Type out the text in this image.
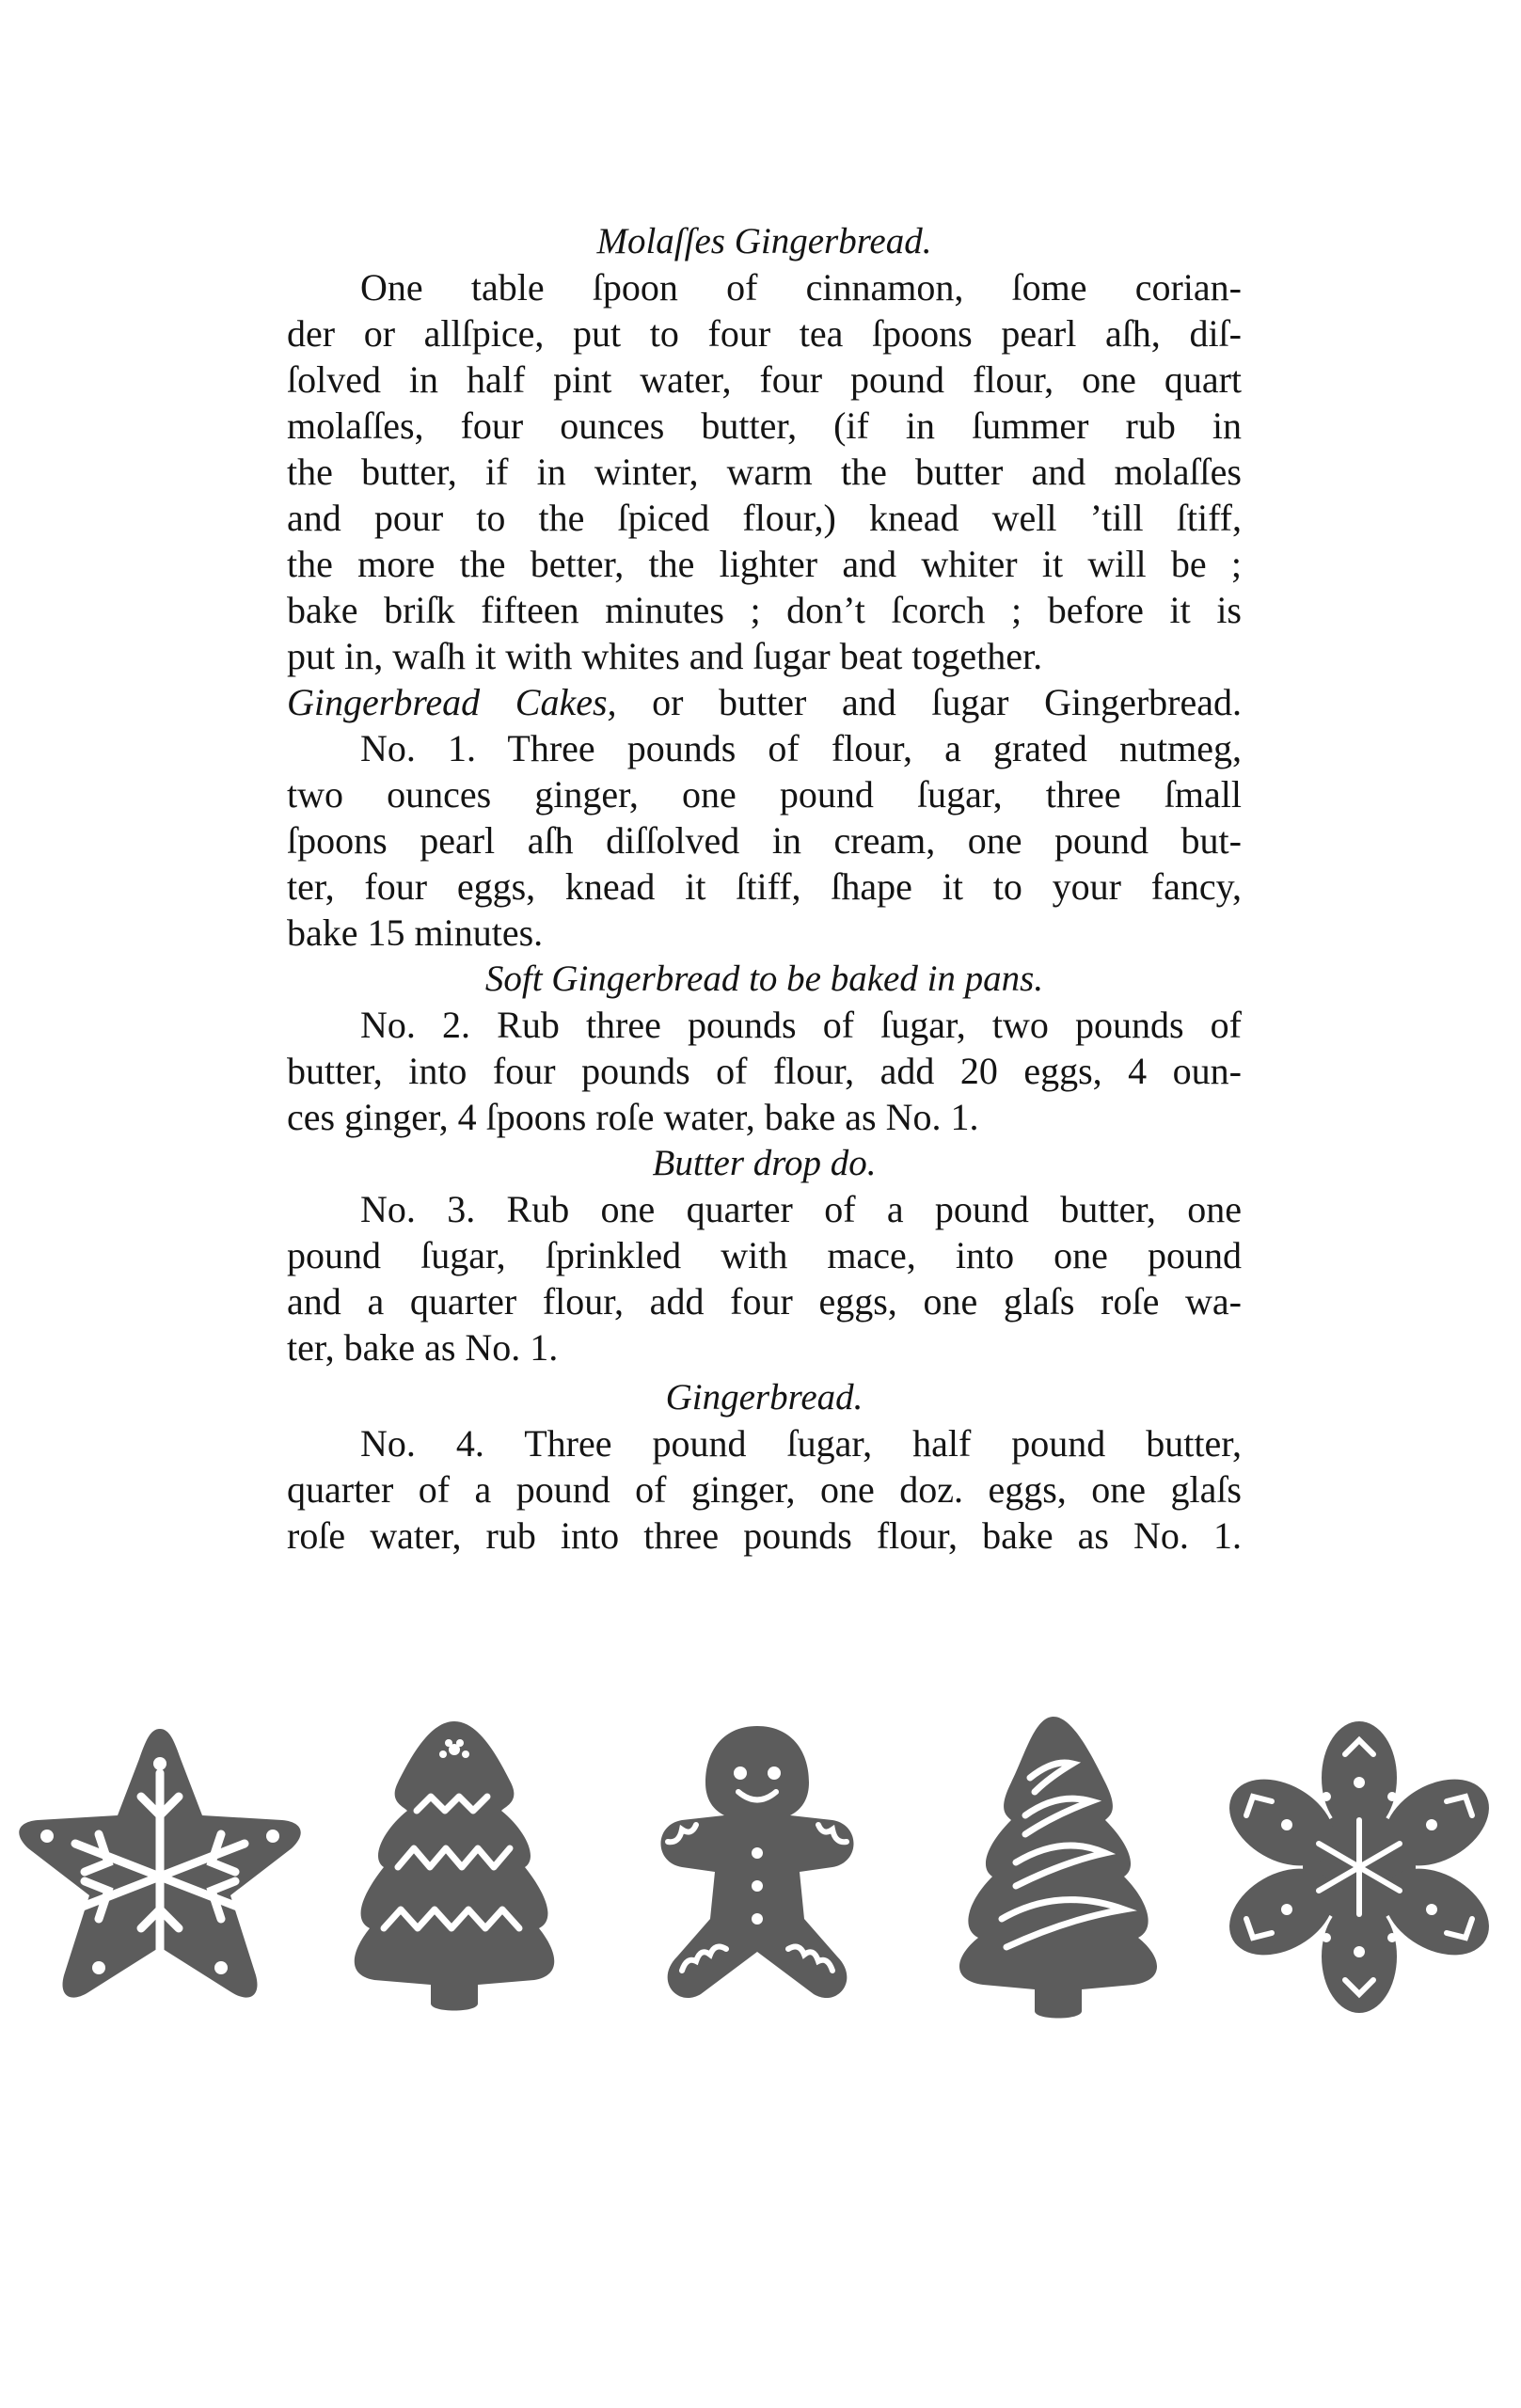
Molaſſes Gingerbread.
One table ſpoon of cinnamon, ſome corian-
der or allſpice, put to four tea ſpoons pearl aſh, diſ-
ſolved in half pint water, four pound flour, one quart
molaſſes, four ounces butter, (if in ſummer rub in
the butter, if in winter, warm the butter and molaſſes
and pour to the ſpiced flour,) knead well ’till ſtiff,
the more the better, the lighter and whiter it will be ;
bake briſk fifteen minutes ; don’t ſcorch ; before it is
put in, waſh it with whites and ſugar beat together.
Gingerbread Cakes, or butter and ſugar Gingerbread.
No. 1. Three pounds of flour, a grated nutmeg,
two ounces ginger, one pound ſugar, three ſmall
ſpoons pearl aſh diſſolved in cream, one pound but-
ter, four eggs, knead it ſtiff, ſhape it to your fancy,
bake 15 minutes.
Soft Gingerbread to be baked in pans.
No. 2. Rub three pounds of ſugar, two pounds of
butter, into four pounds of flour, add 20 eggs, 4 oun-
ces ginger, 4 ſpoons roſe water, bake as No. 1.
Butter drop do.
No. 3. Rub one quarter of a pound butter, one
pound ſugar, ſprinkled with mace, into one pound
and a quarter flour, add four eggs, one glaſs roſe wa-
ter, bake as No. 1.
Gingerbread.
No. 4. Three pound ſugar, half pound butter,
quarter of a pound of ginger, one doz. eggs, one glaſs
roſe water, rub into three pounds flour, bake as No. 1.
